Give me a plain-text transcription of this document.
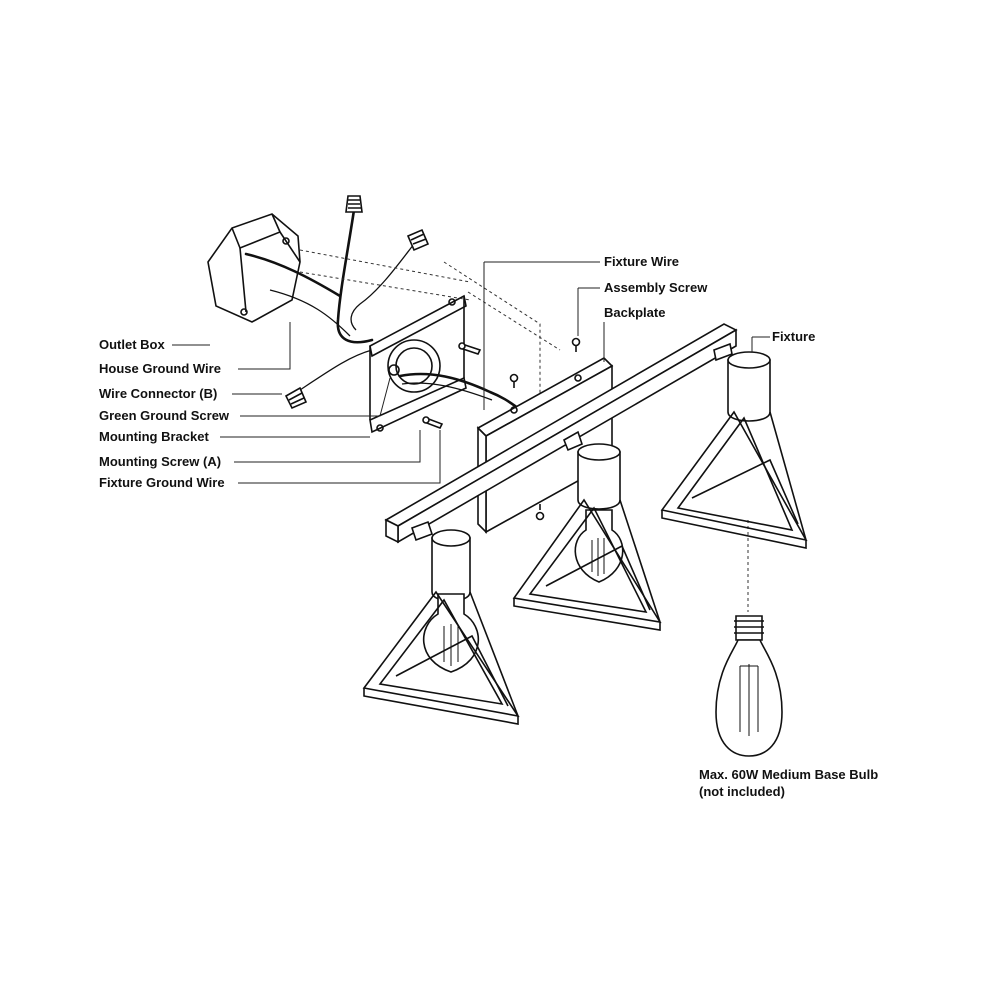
Outlet Box
House Ground Wire
Wire Connector (B)
Green Ground Screw
Mounting Bracket
Mounting Screw (A)
Fixture Ground Wire
Fixture Wire
Assembly Screw
Backplate
Fixture
Max. 60W Medium Base Bulb
(not included)
